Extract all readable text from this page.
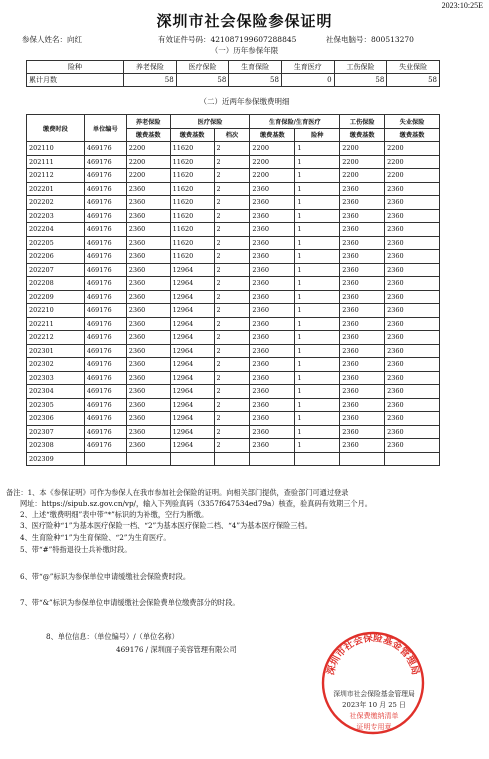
2023:10:25E
深圳市社会保险参保证明
参保人姓名：向红	有效证件号码：421087199607288845	社保电脑号：800513270
（一）历年参保年限
险种	养老保险	医疗保险	生育保险	生育医疗	工伤保险	失业保险
累计月数	58	58	58	0	58	58
（二）近两年参保缴费明细
缴费时段	单位编号	养老保险	医疗保险		生育保险/生育医疗		工伤保险	失业保险
		缴费基数	缴费基数	档次	缴费基数	险种	缴费基数	缴费基数
202110	469176	2200	11620	2	2200	1	2200	2200
202111	469176	2200	11620	2	2200	1	2200	2200
202112	469176	2200	11620	2	2200	1	2200	2200
202201	469176	2360	11620	2	2360	1	2360	2360
202202	469176	2360	11620	2	2360	1	2360	2360
202203	469176	2360	11620	2	2360	1	2360	2360
202204	469176	2360	11620	2	2360	1	2360	2360
202205	469176	2360	11620	2	2360	1	2360	2360
202206	469176	2360	11620	2	2360	1	2360	2360
202207	469176	2360	12964	2	2360	1	2360	2360
202208	469176	2360	12964	2	2360	1	2360	2360
202209	469176	2360	12964	2	2360	1	2360	2360
202210	469176	2360	12964	2	2360	1	2360	2360
202211	469176	2360	12964	2	2360	1	2360	2360
202212	469176	2360	12964	2	2360	1	2360	2360
202301	469176	2360	12964	2	2360	1	2360	2360
202302	469176	2360	12964	2	2360	1	2360	2360
202303	469176	2360	12964	2	2360	1	2360	2360
202304	469176	2360	12964	2	2360	1	2360	2360
202305	469176	2360	12964	2	2360	1	2360	2360
202306	469176	2360	12964	2	2360	1	2360	2360
202307	469176	2360	12964	2	2360	1	2360	2360
202308	469176	2360	12964	2	2360	1	2360	2360
202309								
备注：1、本《参保证明》可作为参保人在我市参加社会保险的证明。向相关部门提供，查验部门可通过登录
网址：https://sipub.sz.gov.cn/vp/，输入下列验真码（3357f647534ed79a）核查，验真码有效期三个月。
2、上述“缴费明细”表中带“*”标识的为补缴，空行为断缴。
3、医疗险种“1”为基本医疗保险一档、“2”为基本医疗保险二档、“4”为基本医疗保险三档。
4、生育险种“1”为生育保险、“2”为生育医疗。
5、带“#”特指退役士兵补缴时段。
6、带“@”标识为参保单位申请缓缴社会保险费时段。
7、带“&”标识为参保单位申请缓缴社会保险费单位缴费部分的时段。
8、单位信息：（单位编号）/（单位名称）
469176 / 深圳面子美容管理有限公司
深圳市社会保险基金管理局
深圳市社会保险基金管理局
2023年 10 月 25 日
社保费缴纳清单
证明专用章
